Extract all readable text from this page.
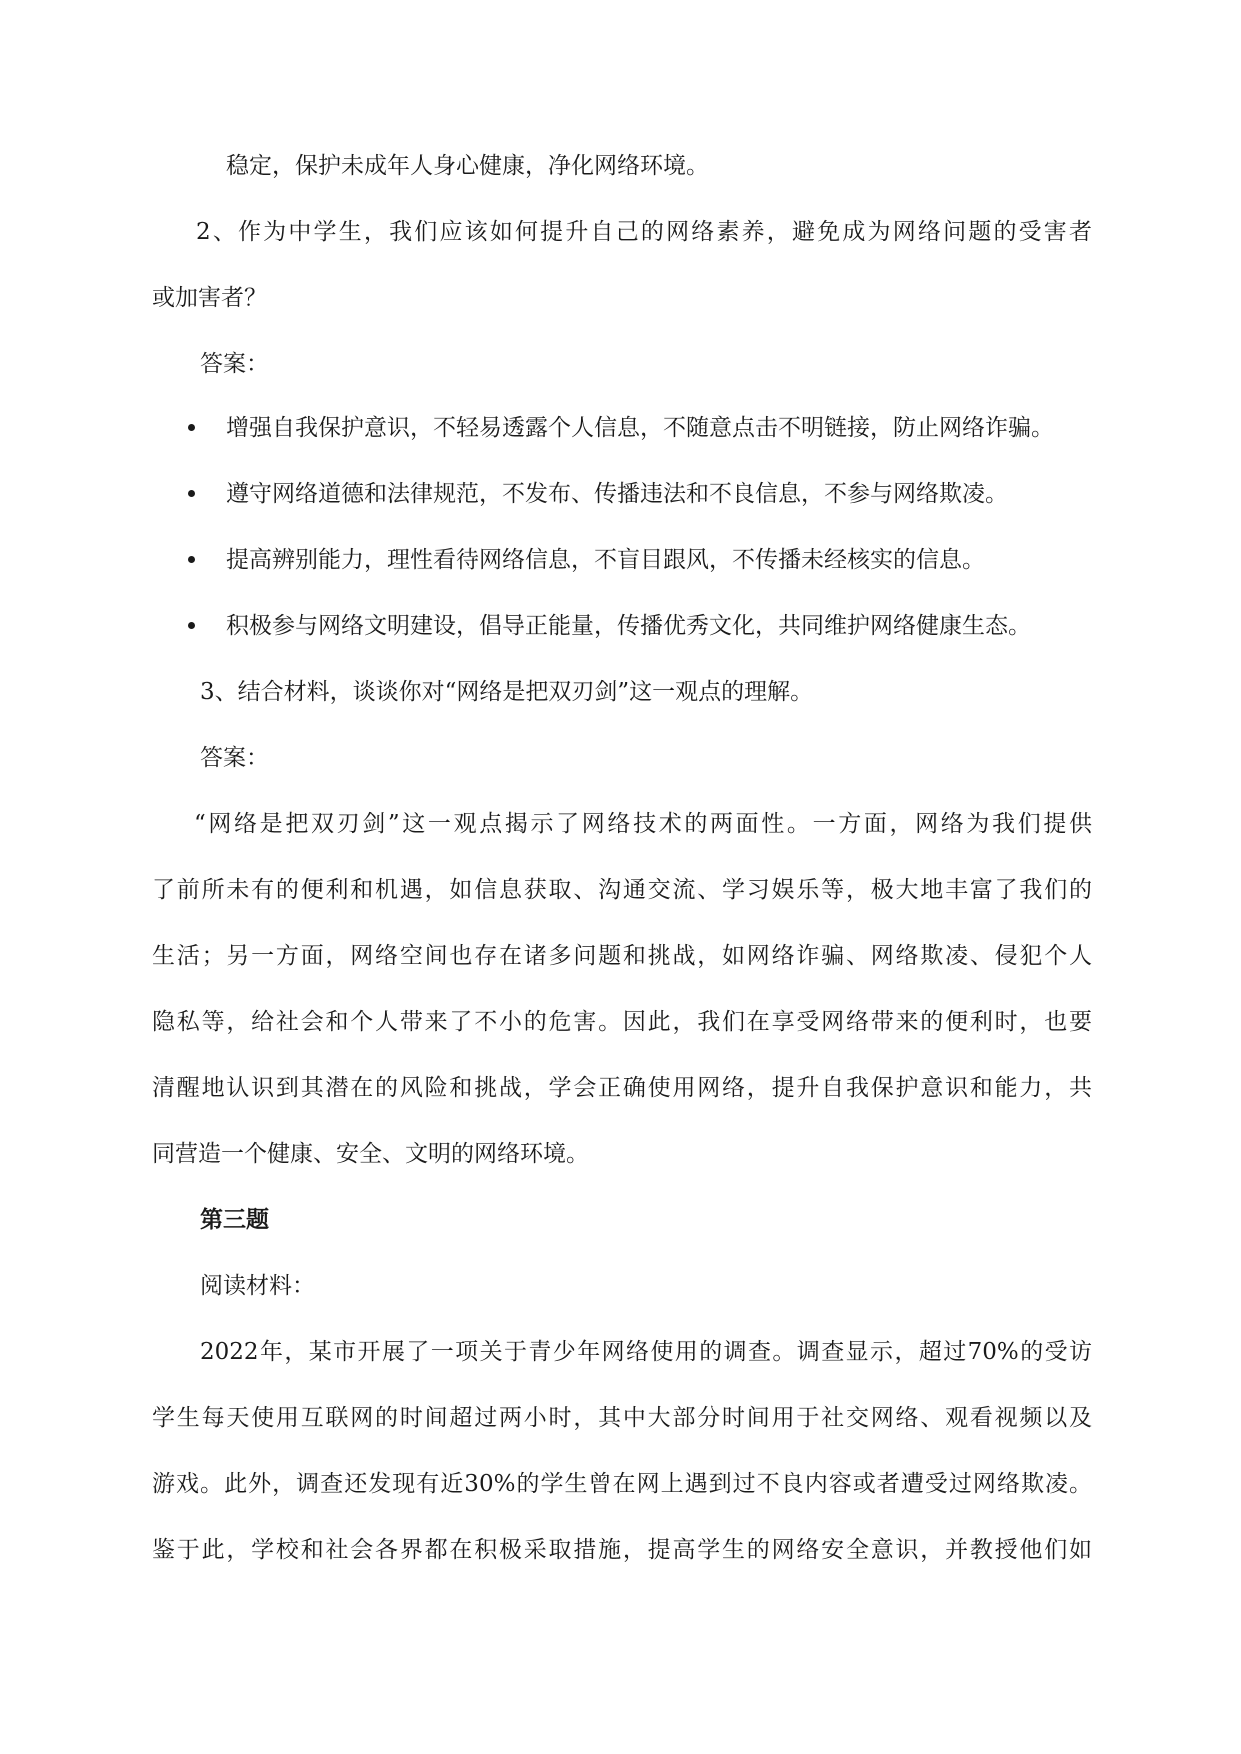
稳定，保护未成年人身心健康，净化网络环境。

2、作为中学生，我们应该如何提升自己的网络素养，避免成为网络问题的受害者

或加害者？

答案：

增强自我保护意识，不轻易透露个人信息，不随意点击不明链接，防止网络诈骗。

遵守网络道德和法律规范，不发布、传播违法和不良信息，不参与网络欺凌。

提高辨别能力，理性看待网络信息，不盲目跟风，不传播未经核实的信息。

积极参与网络文明建设，倡导正能量，传播优秀文化，共同维护网络健康生态。

3、结合材料，谈谈你对“网络是把双刃剑”这一观点的理解。

答案：

“网络是把双刃剑”这一观点揭示了网络技术的两面性。一方面，网络为我们提供

了前所未有的便利和机遇，如信息获取、沟通交流、学习娱乐等，极大地丰富了我们的

生活；另一方面，网络空间也存在诸多问题和挑战，如网络诈骗、网络欺凌、侵犯个人

隐私等，给社会和个人带来了不小的危害。因此，我们在享受网络带来的便利时，也要

清醒地认识到其潜在的风险和挑战，学会正确使用网络，提升自我保护意识和能力，共

同营造一个健康、安全、文明的网络环境。

第三题

阅读材料：

2022年，某市开展了一项关于青少年网络使用的调查。调查显示，超过70%的受访

学生每天使用互联网的时间超过两小时，其中大部分时间用于社交网络、观看视频以及

游戏。此外，调查还发现有近30%的学生曾在网上遇到过不良内容或者遭受过网络欺凌。

鉴于此，学校和社会各界都在积极采取措施，提高学生的网络安全意识，并教授他们如
